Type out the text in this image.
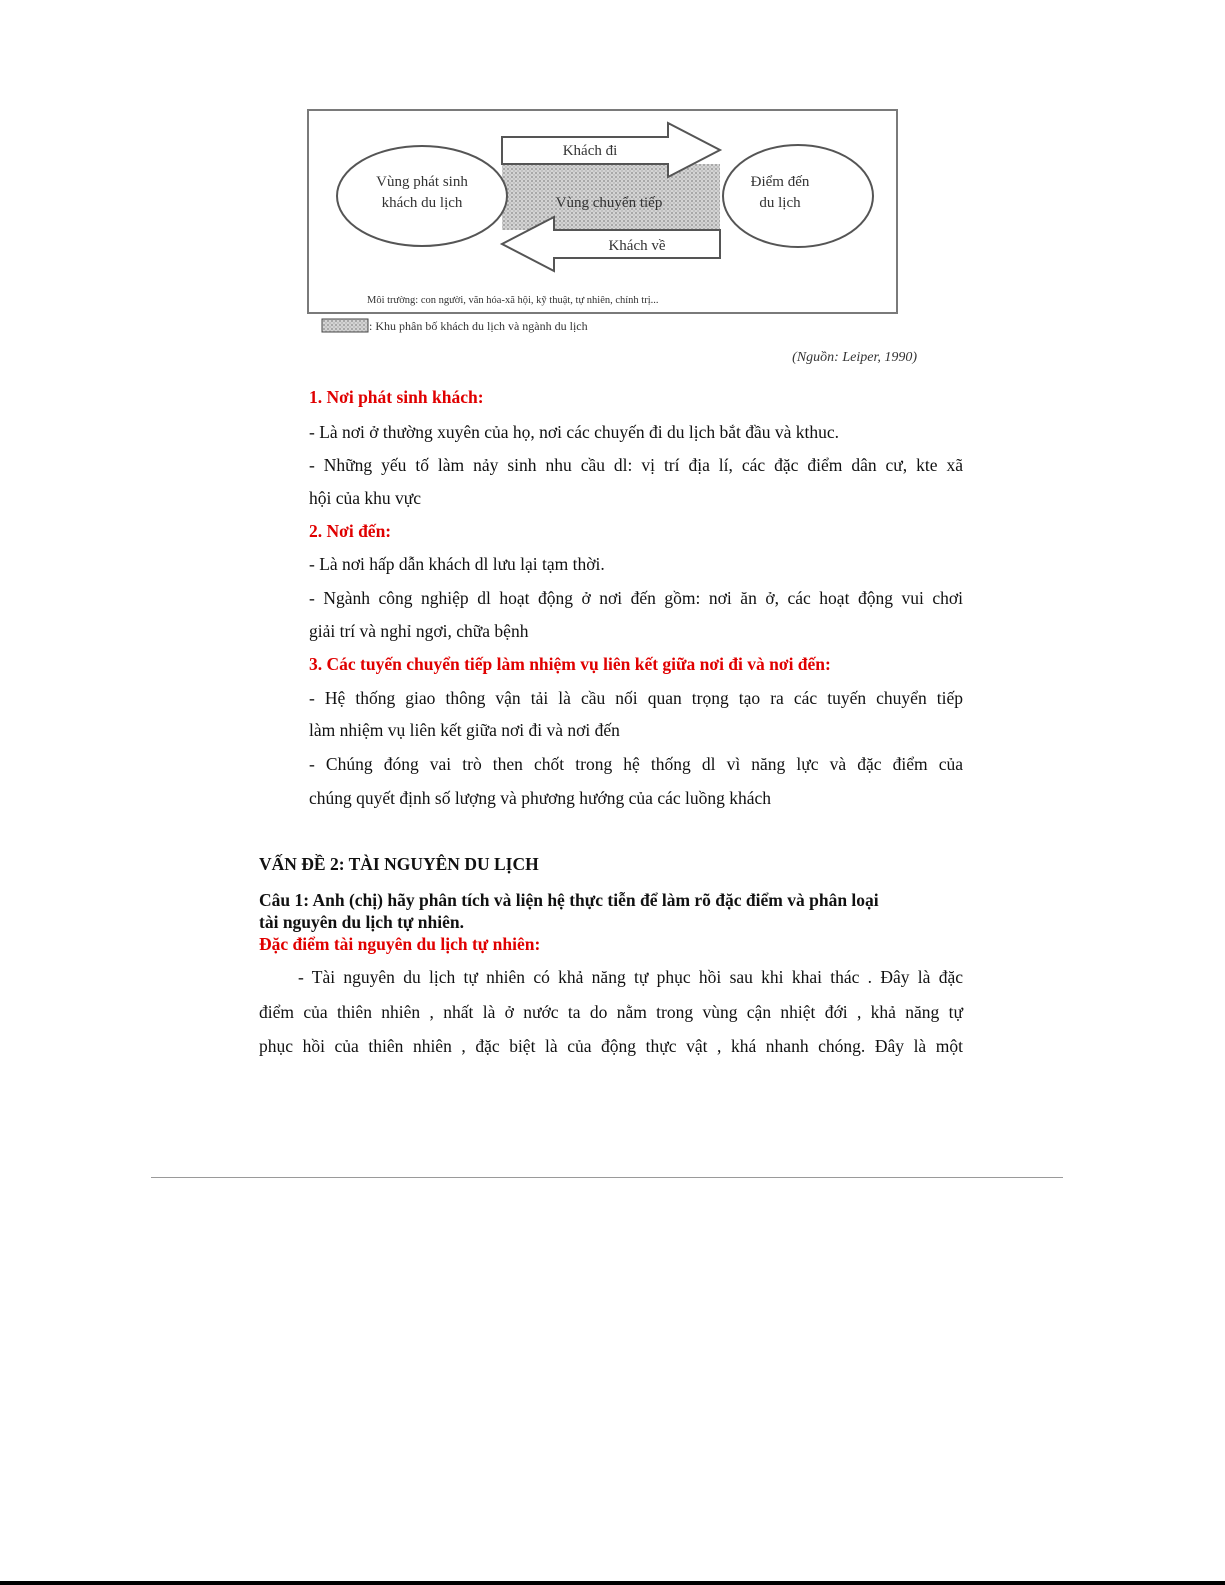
Khách đi
Khách về
Vùng phát sinh
khách du lịch	Vùng chuyển tiếp
Điểm đến
du lịch
Môi trường: con người, văn hóa-xã hội, kỹ thuật, tự nhiên, chính trị...
: Khu phân bố khách du lịch và ngành du lịch
(Nguồn: Leiper, 1990)
1. Nơi phát sinh khách:
- Là nơi ở thường xuyên của họ, nơi các chuyến đi du lịch bắt đầu và kthuc.
- Những yếu tố làm nảy sinh nhu cầu dl: vị trí địa lí, các đặc điểm dân cư, kte xã
hội của khu vực
2. Nơi đến:
- Là nơi hấp dẫn khách dl lưu lại tạm thời.
- Ngành công nghiệp dl hoạt động ở nơi đến gồm: nơi ăn ở, các hoạt động vui chơi
giải trí và nghỉ ngơi, chữa bệnh
3. Các tuyến chuyển tiếp làm nhiệm vụ liên kết giữa nơi đi và nơi đến:
- Hệ thống giao thông vận tải là cầu nối quan trọng tạo ra các tuyến chuyển tiếp
làm nhiệm vụ liên kết giữa nơi đi và nơi đến
- Chúng đóng vai trò then chốt trong hệ thống dl vì năng lực và đặc điểm của
chúng quyết định số lượng và phương hướng của các luồng khách
VẤN ĐỀ 2: TÀI NGUYÊN DU LỊCH
Câu 1: Anh (chị) hãy phân tích và liện hệ thực tiễn để làm rõ đặc điểm và phân loại
tài nguyên du lịch tự nhiên.
Đặc điểm tài nguyên du lịch tự nhiên:
- Tài nguyên du lịch tự nhiên có khả năng tự phục hồi sau khi khai thác . Đây là đặc
điểm của thiên nhiên , nhất là ở nước ta do nằm trong vùng cận nhiệt đới , khả năng tự
phục hồi của thiên nhiên , đặc biệt là của động thực vật , khá nhanh chóng. Đây là một
